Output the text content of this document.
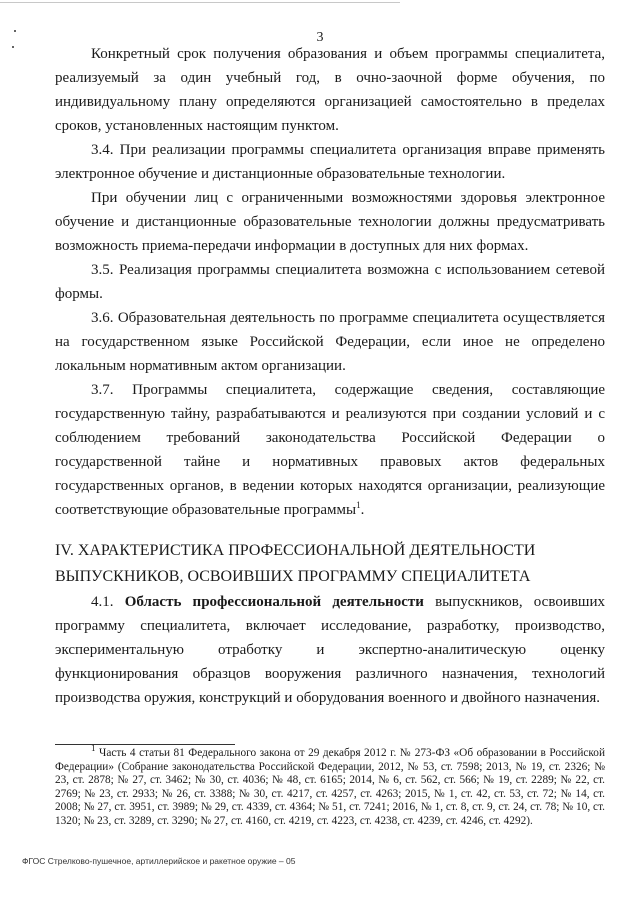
3

Конкретный срок получения образования и объем программы специалитета, реализуемый за один учебный год, в очно-заочной форме обучения, по индивидуальному плану определяются организацией самостоятельно в пределах сроков, установленных настоящим пунктом.

3.4. При реализации программы специалитета организация вправе применять электронное обучение и дистанционные образовательные технологии.

При обучении лиц с ограниченными возможностями здоровья электронное обучение и дистанционные образовательные технологии должны предусматривать возможность приема-передачи информации в доступных для них формах.

3.5. Реализация программы специалитета возможна с использованием сетевой формы.

3.6. Образовательная деятельность по программе специалитета осуществляется на государственном языке Российской Федерации, если иное не определено локальным нормативным актом организации.

3.7. Программы специалитета, содержащие сведения, составляющие государственную тайну, разрабатываются и реализуются при создании условий и с соблюдением требований законодательства Российской Федерации о государственной тайне и нормативных правовых актов федеральных государственных органов, в ведении которых находятся организации, реализующие соответствующие образовательные программы$^1$.

IV. ХАРАКТЕРИСТИКА ПРОФЕССИОНАЛЬНОЙ ДЕЯТЕЛЬНОСТИ
ВЫПУСКНИКОВ, ОСВОИВШИХ ПРОГРАММУ СПЕЦИАЛИТЕТА

4.1. Область профессиональной деятельности выпускников, освоивших программу специалитета, включает исследование, разработку, производство, экспериментальную отработку и экспертно-аналитическую оценку функционирования образцов вооружения различного назначения, технологий производства оружия, конструкций и оборудования военного и двойного назначения.

$^1$ Часть 4 статьи 81 Федерального закона от 29 декабря 2012 г. № 273-ФЗ «Об образовании в Российской Федерации» (Собрание законодательства Российской Федерации, 2012, № 53, ст. 7598; 2013, № 19, ст. 2326; № 23, ст. 2878; № 27, ст. 3462; № 30, ст. 4036; № 48, ст. 6165; 2014, № 6, ст. 562, ст. 566; № 19, ст. 2289; № 22, ст. 2769; № 23, ст. 2933; № 26, ст. 3388; № 30, ст. 4217, ст. 4257, ст. 4263; 2015, № 1, ст. 42, ст. 53, ст. 72; № 14, ст. 2008; № 27, ст. 3951, ст. 3989; № 29, ст. 4339, ст. 4364; № 51, ст. 7241; 2016, № 1, ст. 8, ст. 9, ст. 24, ст. 78; № 10, ст. 1320; № 23, ст. 3289, ст. 3290; № 27, ст. 4160, ст. 4219, ст. 4223, ст. 4238, ст. 4239, ст. 4246, ст. 4292).

ФГОС Стрелково-пушечное, артиллерийское и ракетное оружие – 05
